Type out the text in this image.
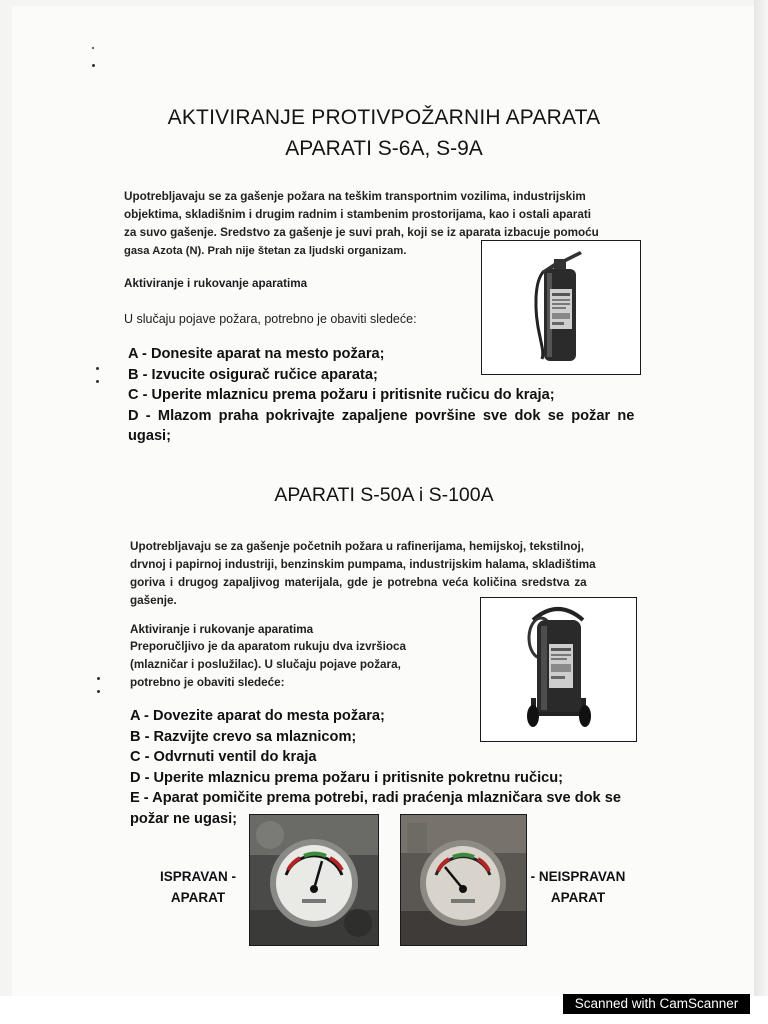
AKTIVIRANJE PROTIVPOŽARNIH APARATA
APARATI S-6A, S-9A
Upotrebljavaju se za gašenje požara na teškim transportnim vozilima, industrijskim
objektima, skladišnim i drugim radnim i stambenim prostorijama, kao i ostali aparati
za suvo gašenje. Sredstvo za gašenje je suvi prah, koji se iz aparata izbacuje pomoću
gasa Azota (N). Prah nije štetan za ljudski organizam.
Aktiviranje i rukovanje aparatima
U slučaju pojave požara, potrebno je obaviti sledeće:
A - Donesite aparat na mesto požara;
B - Izvucite osigurač ručice aparata;
C - Uperite mlaznicu prema požaru i pritisnite ručicu do kraja;
D - Mlazom praha pokrivajte zapaljene površine sve dok se požar ne
ugasi;
APARATI S-50A i S-100A
Upotrebljavaju se za gašenje početnih požara u rafinerijama, hemijskoj, tekstilnoj,
drvnoj i papirnoj industriji, benzinskim pumpama, industrijskim halama, skladištima
goriva i drugog zapaljivog materijala, gde je potrebna veća količina sredstva za
gašenje.
Aktiviranje i rukovanje aparatima
Preporučljivo je da aparatom rukuju dva izvršioca
(mlazničar i poslužilac). U slučaju pojave požara,
potrebno je obaviti sledeće:
A - Dovezite aparat do mesta požara;
B - Razvijte crevo sa mlaznicom;
C - Odvrnuti ventil do kraja
D - Uperite mlaznicu prema požaru i pritisnite pokretnu ručicu;
E - Aparat pomičite prema potrebi, radi praćenja mlazničara sve dok se
požar ne ugasi;
ISPRAVAN -
APARAT
- NEISPRAVAN
APARAT
Scanned with CamScanner
